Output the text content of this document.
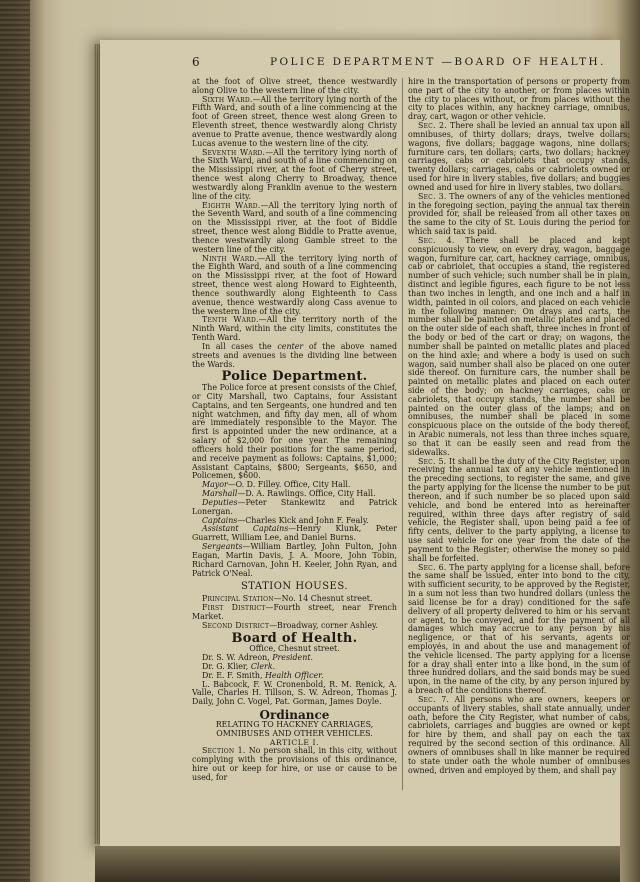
6	POLICE DEPARTMENT —BOARD OF HEALTH.

at the foot of Olive street, thence westwardly along Olive to the western line of the city.

Sixth Ward.—All the territory lying north of the Fifth Ward, and south of a line commencing at the foot of Green street, thence west along Green to Eleventh street, thence westwardly along Christy avenue to Pratte avenue, thence westwardly along Lucas avenue to the western line of the city.

Seventh Ward.—All the territory lying north of the Sixth Ward, and south of a line commencing on the Mississippi river, at the foot of Cherry street, thence west along Cherry to Broadway, thence westwardly along Franklin avenue to the western line of the city.

Eighth Ward.—All the territory lying north of the Seventh Ward, and south of a line commencing on the Mississippi river, at the foot of Biddle street, thence west along Biddle to Pratte avenue, thence westwardly along Gamble street to the western line of the city.

Ninth Ward.—All the territory lying north of the Eighth Ward, and south of a line commencing on the Mississippi river, at the foot of Howard street, thence west along Howard to Eighteenth, thence southwardly along Eighteenth to Cass avenue, thence westwardly along Cass avenue to the western line of the city.

Tenth Ward.—All the territory north of the Ninth Ward, within the city limits, constitutes the Tenth Ward.

In all cases the center of the above named streets and avenues is the dividing line between the Wards.

Police Department.

The Police force at present consists of the Chief, or City Marshall, two Captains, four Assistant Captains, and ten Sergeants, one hundred and ten night watchmen, and fifty day men, all of whom are immediately responsible to the Mayor. The first is appointed under the new ordinance, at a salary of $2,000 for one year. The remaining officers hold their positions for the same period, and receive payment as follows: Captains, $1,000; Assistant Captains, $800; Sergeants, $650, and Policemen, $600.

Mayor—O. D. Filley. Office, City Hall.

Marshall—D. A. Rawlings. Office, City Hall.

Deputies—Peter Stankewitz and Patrick Lonergan.

Captains—Charles Kick and John F. Fealy.

Assistant Captains—Henry Klunk, Peter Guarrett, William Lee, and Daniel Burns.

Sergeants—William Bartley, John Fulton, John Eagan, Martin Davis, J. A. Moore, John Tobin, Richard Carnovan, John H. Keeler, John Ryan, and Patrick O'Neal.

STATION HOUSES.

Principal Station—No. 14 Chesnut street.

First District—Fourth street, near French Market.

Second District—Broadway, corner Ashley.

Board of Health.

Office, Chesnut street.

Dr. S. W. Adreon, President.

Dr. G. Klier, Clerk.

Dr. E. F. Smith, Health Officer.

L. Babcock, F. W. Cronenbold, R. M. Renick, A. Valle, Charles H. Tillson, S. W. Adreon, Thomas J. Daily, John C. Vogel, Pat. Gorman, James Doyle.

Ordinance

RELATING TO HACKNEY CARRIAGES, OMNIBUSES AND OTHER VEHICLES.

ARTICLE I.

Section 1. No person shall, in this city, without complying with the provisions of this ordinance, hire out or keep for hire, or use or cause to be used, for

hire in the transportation of persons or property from one part of the city to another, or from places within the city to places without, or from places without the city to places within, any hackney carriage, omnibus, dray, cart, wagon or other vehicle.

Sec. 2. There shall be levied an annual tax upon all omnibuses, of thirty dollars; drays, twelve dollars; wagons, five dollars; baggage wagons, nine dollars; furniture cars, ten dollars; carts, two dollars; hackney carriages, cabs or cabriolets that occupy stands, twenty dollars; carriages, cabs or cabriolets owned or used for hire in livery stables, five dollars; and buggies owned and used for hire in livery stables, two dollars.

Sec. 3. The owners of any of the vehicles mentioned in the foregoing section, paying the annual tax therein provided for, shall be released from all other taxes on the same to the city of St. Louis during the period for which said tax is paid.

Sec. 4. There shall be placed and kept conspicuously to view, on every dray, wagon, baggage wagon, furniture car, cart, hackney carriage, omnibus, cab or cabriolet, that occupies a stand, the registered number of such vehicle; such number shall be in plain, distinct and legible figures, each figure to be not less than two inches in length, and one inch and a half in width, painted in oil colors, and placed on each vehicle in the following manner: On drays and carts, the number shall be painted on metallic plates and placed on the outer side of each shaft, three inches in front of the body or bed of the cart or dray; on wagons, the number shall be painted on metallic plates and placed on the hind axle; and where a body is used on such wagon, said number shall also be placed on one outer side thereof. On furniture cars, the number shall be painted on metallic plates and placed on each outer side of the body; on hackney carriages, cabs or cabriolets, that occupy stands, the number shall be painted on the outer glass of the lamps; and on omnibuses, the number shall be placed in some conspicuous place on the outside of the body thereof, in Arabic numerals, not less than three inches square, so that it can be easily seen and read from the sidewalks.

Sec. 5. It shall be the duty of the City Register, upon receiving the annual tax of any vehicle mentioned in the preceding sections, to register the same, and give the party applying for the license the number to be put thereon, and if such number be so placed upon said vehicle, and bond be entered into as hereinafter required, within three days after registry of said vehicle, the Register shall, upon being paid a fee of fifty cents, deliver to the party applying, a license to use said vehicle for one year from the date of the payment to the Register; otherwise the money so paid shall be forfeited.

Sec. 6. The party applying for a license shall, before the same shall be issued, enter into bond to the city, with sufficient security, to be approved by the Register, in a sum not less than two hundred dollars (unless the said license be for a dray) conditioned for the safe delivery of all property delivered to him or his servant or agent, to be conveyed, and for the payment of all damages which may accrue to any person by his negligence, or that of his servants, agents or employés, in and about the use and management of the vehicle licensed. The party applying for a license for a dray shall enter into a like bond, in the sum of three hundred dollars, and the said bonds may be sued upon, in the name of the city, by any person injured by a breach of the conditions thereof.

Sec. 7. All persons who are owners, keepers or occupants of livery stables, shall state annually, under oath, before the City Register, what number of cabs, cabriolets, carriages and buggies are owned or kept for hire by them, and shall pay on each the tax required by the second section of this ordinance. All owners of omnibuses shall in like manner be required to state under oath the whole number of omnibuses owned, driven and employed by them, and shall pay
